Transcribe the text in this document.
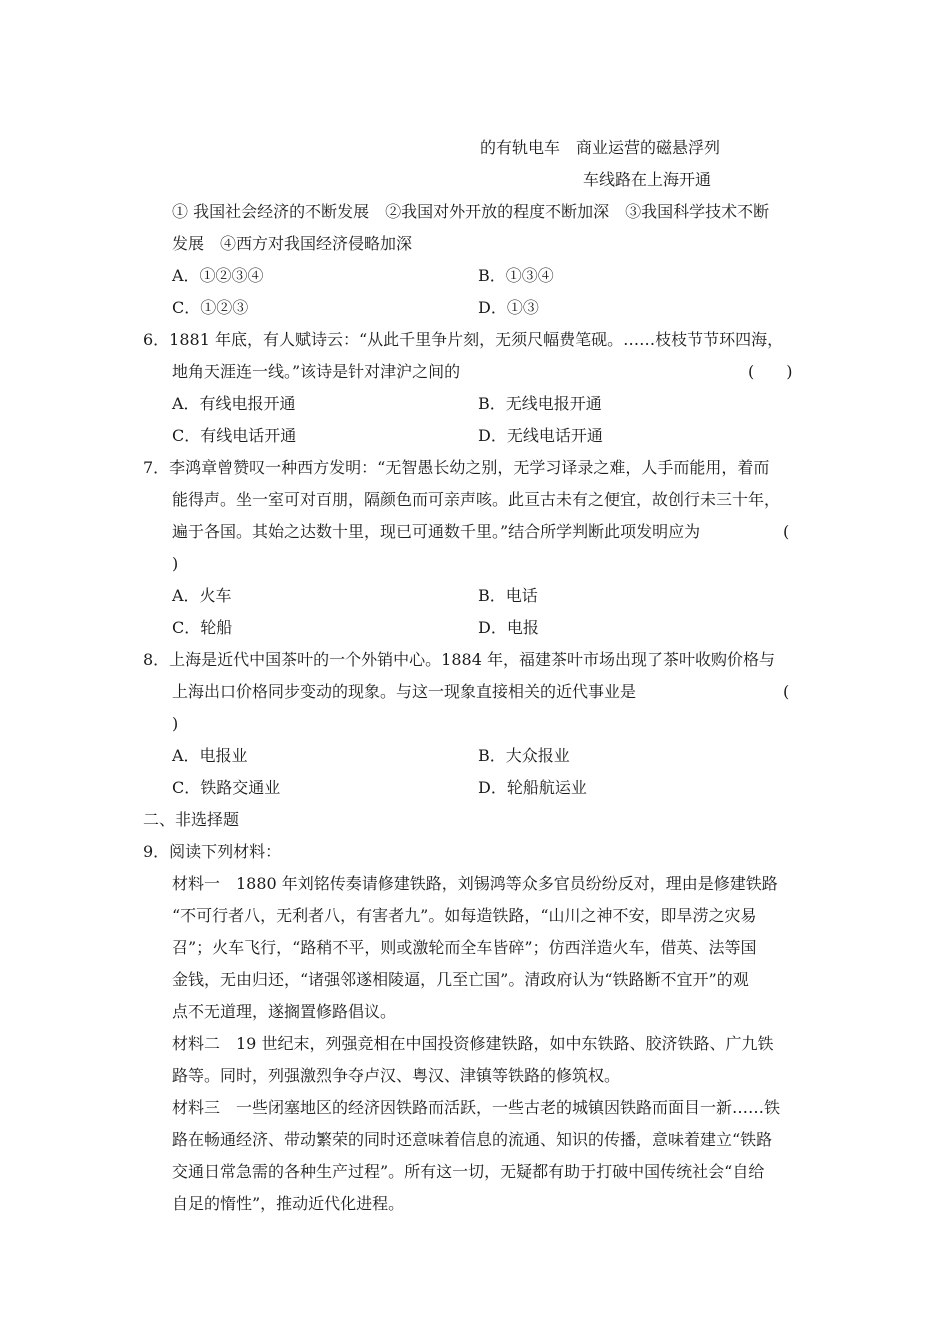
的有轨电车　商业运营的磁悬浮列
车线路在上海开通
① 我国社会经济的不断发展　②我国对外开放的程度不断加深　③我国科学技术不断
发展　④西方对我国经济侵略加深
A．①②③④	B．①③④
C．①②③	D．①③
6．1881 年底，有人赋诗云：“从此千里争片刻，无须尺幅费笔砚。……枝枝节节环四海，
地角天涯连一线。”该诗是针对津沪之间的	(　　)
A．有线电报开通	B．无线电报开通
C．有线电话开通	D．无线电话开通
7．李鸿章曾赞叹一种西方发明：“无智愚长幼之别，无学习译录之难，人手而能用，着而
能得声。坐一室可对百朋，隔颜色而可亲声咳。此亘古未有之便宜，故创行未三十年，
遍于各国。其始之达数十里，现已可通数千里。”结合所学判断此项发明应为	(
)
A．火车	B．电话
C．轮船	D．电报
8．上海是近代中国茶叶的一个外销中心。1884 年，福建茶叶市场出现了茶叶收购价格与
上海出口价格同步变动的现象。与这一现象直接相关的近代事业是	(
)
A．电报业	B．大众报业
C．铁路交通业	D．轮船航运业
二、非选择题
9．阅读下列材料：
材料一　1880 年刘铭传奏请修建铁路，刘锡鸿等众多官员纷纷反对，理由是修建铁路
“不可行者八，无利者八，有害者九”。如每造铁路，“山川之神不安，即旱涝之灾易
召”；火车飞行，“路稍不平，则或激轮而全车皆碎”；仿西洋造火车，借英、法等国
金钱，无由归还，“诸强邻遂相陵逼，几至亡国”。清政府认为“铁路断不宜开”的观
点不无道理，遂搁置修路倡议。
材料二　19 世纪末，列强竞相在中国投资修建铁路，如中东铁路、胶济铁路、广九铁
路等。同时，列强激烈争夺卢汉、粤汉、津镇等铁路的修筑权。
材料三　一些闭塞地区的经济因铁路而活跃，一些古老的城镇因铁路而面目一新……铁
路在畅通经济、带动繁荣的同时还意味着信息的流通、知识的传播，意味着建立“铁路
交通日常急需的各种生产过程”。所有这一切，无疑都有助于打破中国传统社会“自给
自足的惰性”，推动近代化进程。
